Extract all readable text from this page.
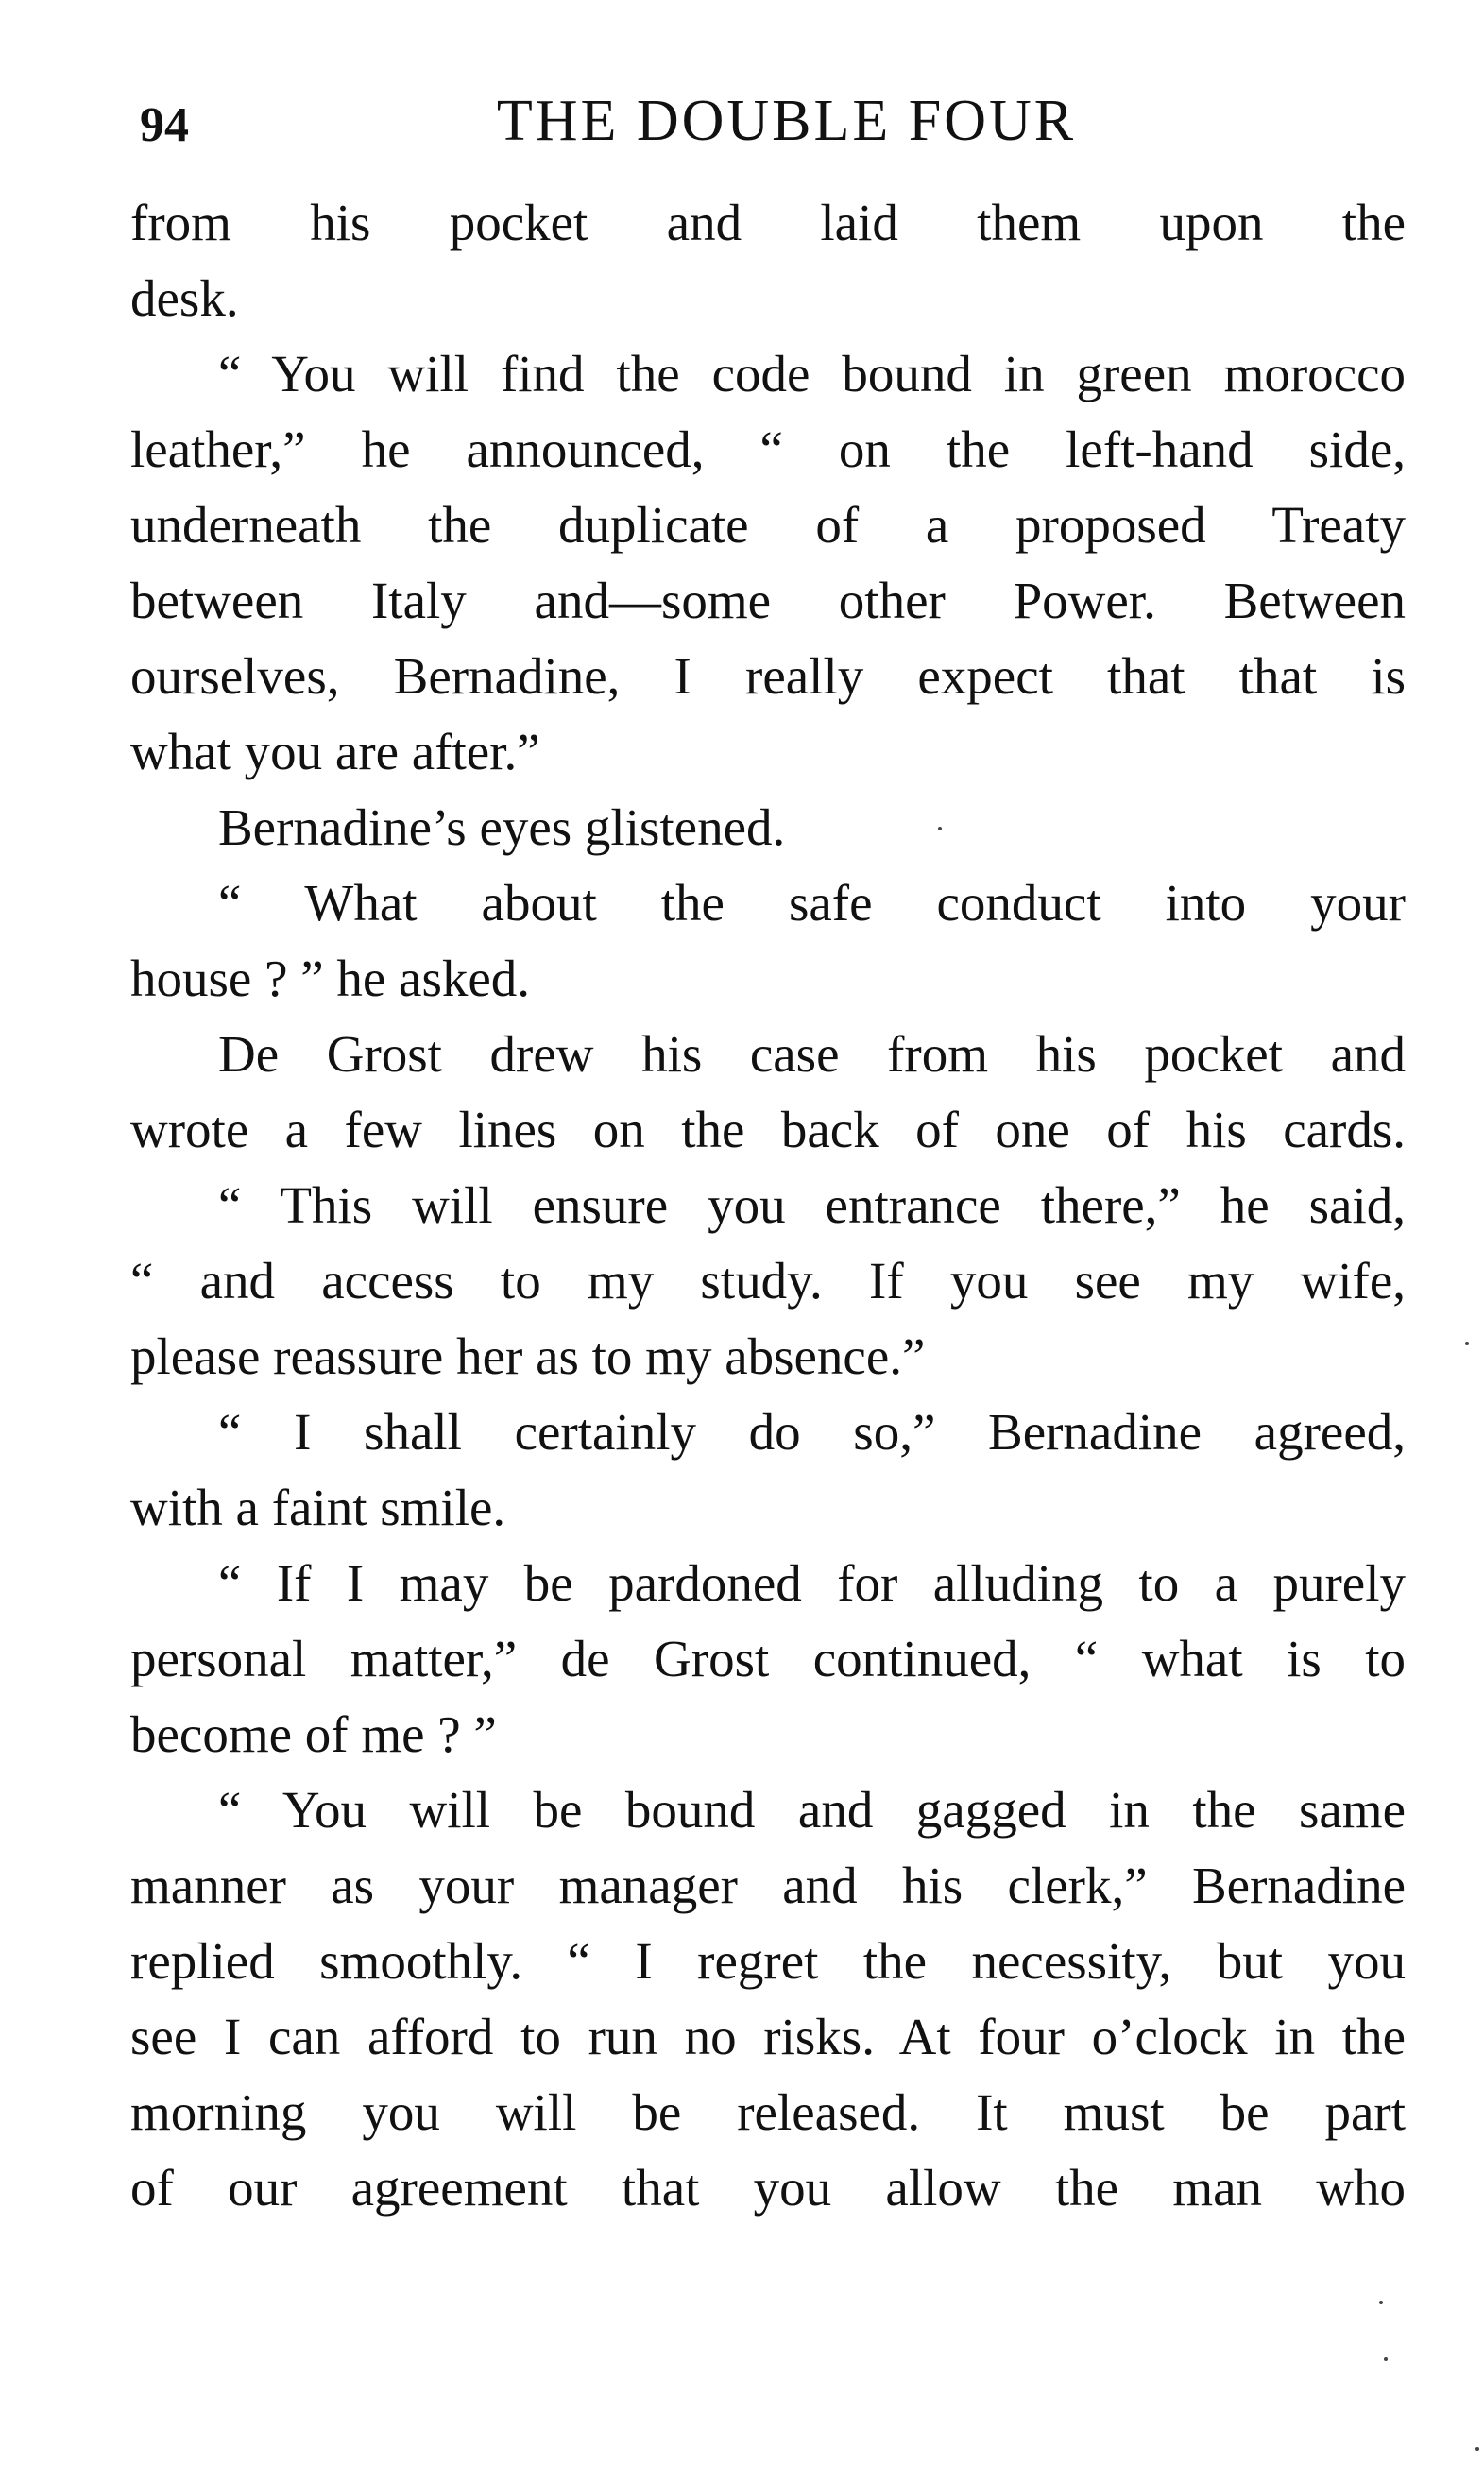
94	THE DOUBLE FOUR
from his pocket and laid them upon the
desk.
“ You will find the code bound in green morocco
leather,” he announced, “ on the left-hand side,
underneath the duplicate of a proposed Treaty
between Italy and—some other Power. Between
ourselves, Bernadine, I really expect that that is
what you are after.”
Bernadine’s eyes glistened.
“ What about the safe conduct into your
house ? ” he asked.
De Grost drew his case from his pocket and
wrote a few lines on the back of one of his cards.
“ This will ensure you entrance there,” he said,
“ and access to my study. If you see my wife,
please reassure her as to my absence.”
“ I shall certainly do so,” Bernadine agreed,
with a faint smile.
“ If I may be pardoned for alluding to a purely
personal matter,” de Grost continued, “ what is to
become of me ? ”
“ You will be bound and gagged in the same
manner as your manager and his clerk,” Bernadine
replied smoothly. “ I regret the necessity, but you
see I can afford to run no risks. At four o’clock in the
morning you will be released. It must be part
of our agreement that you allow the man who
